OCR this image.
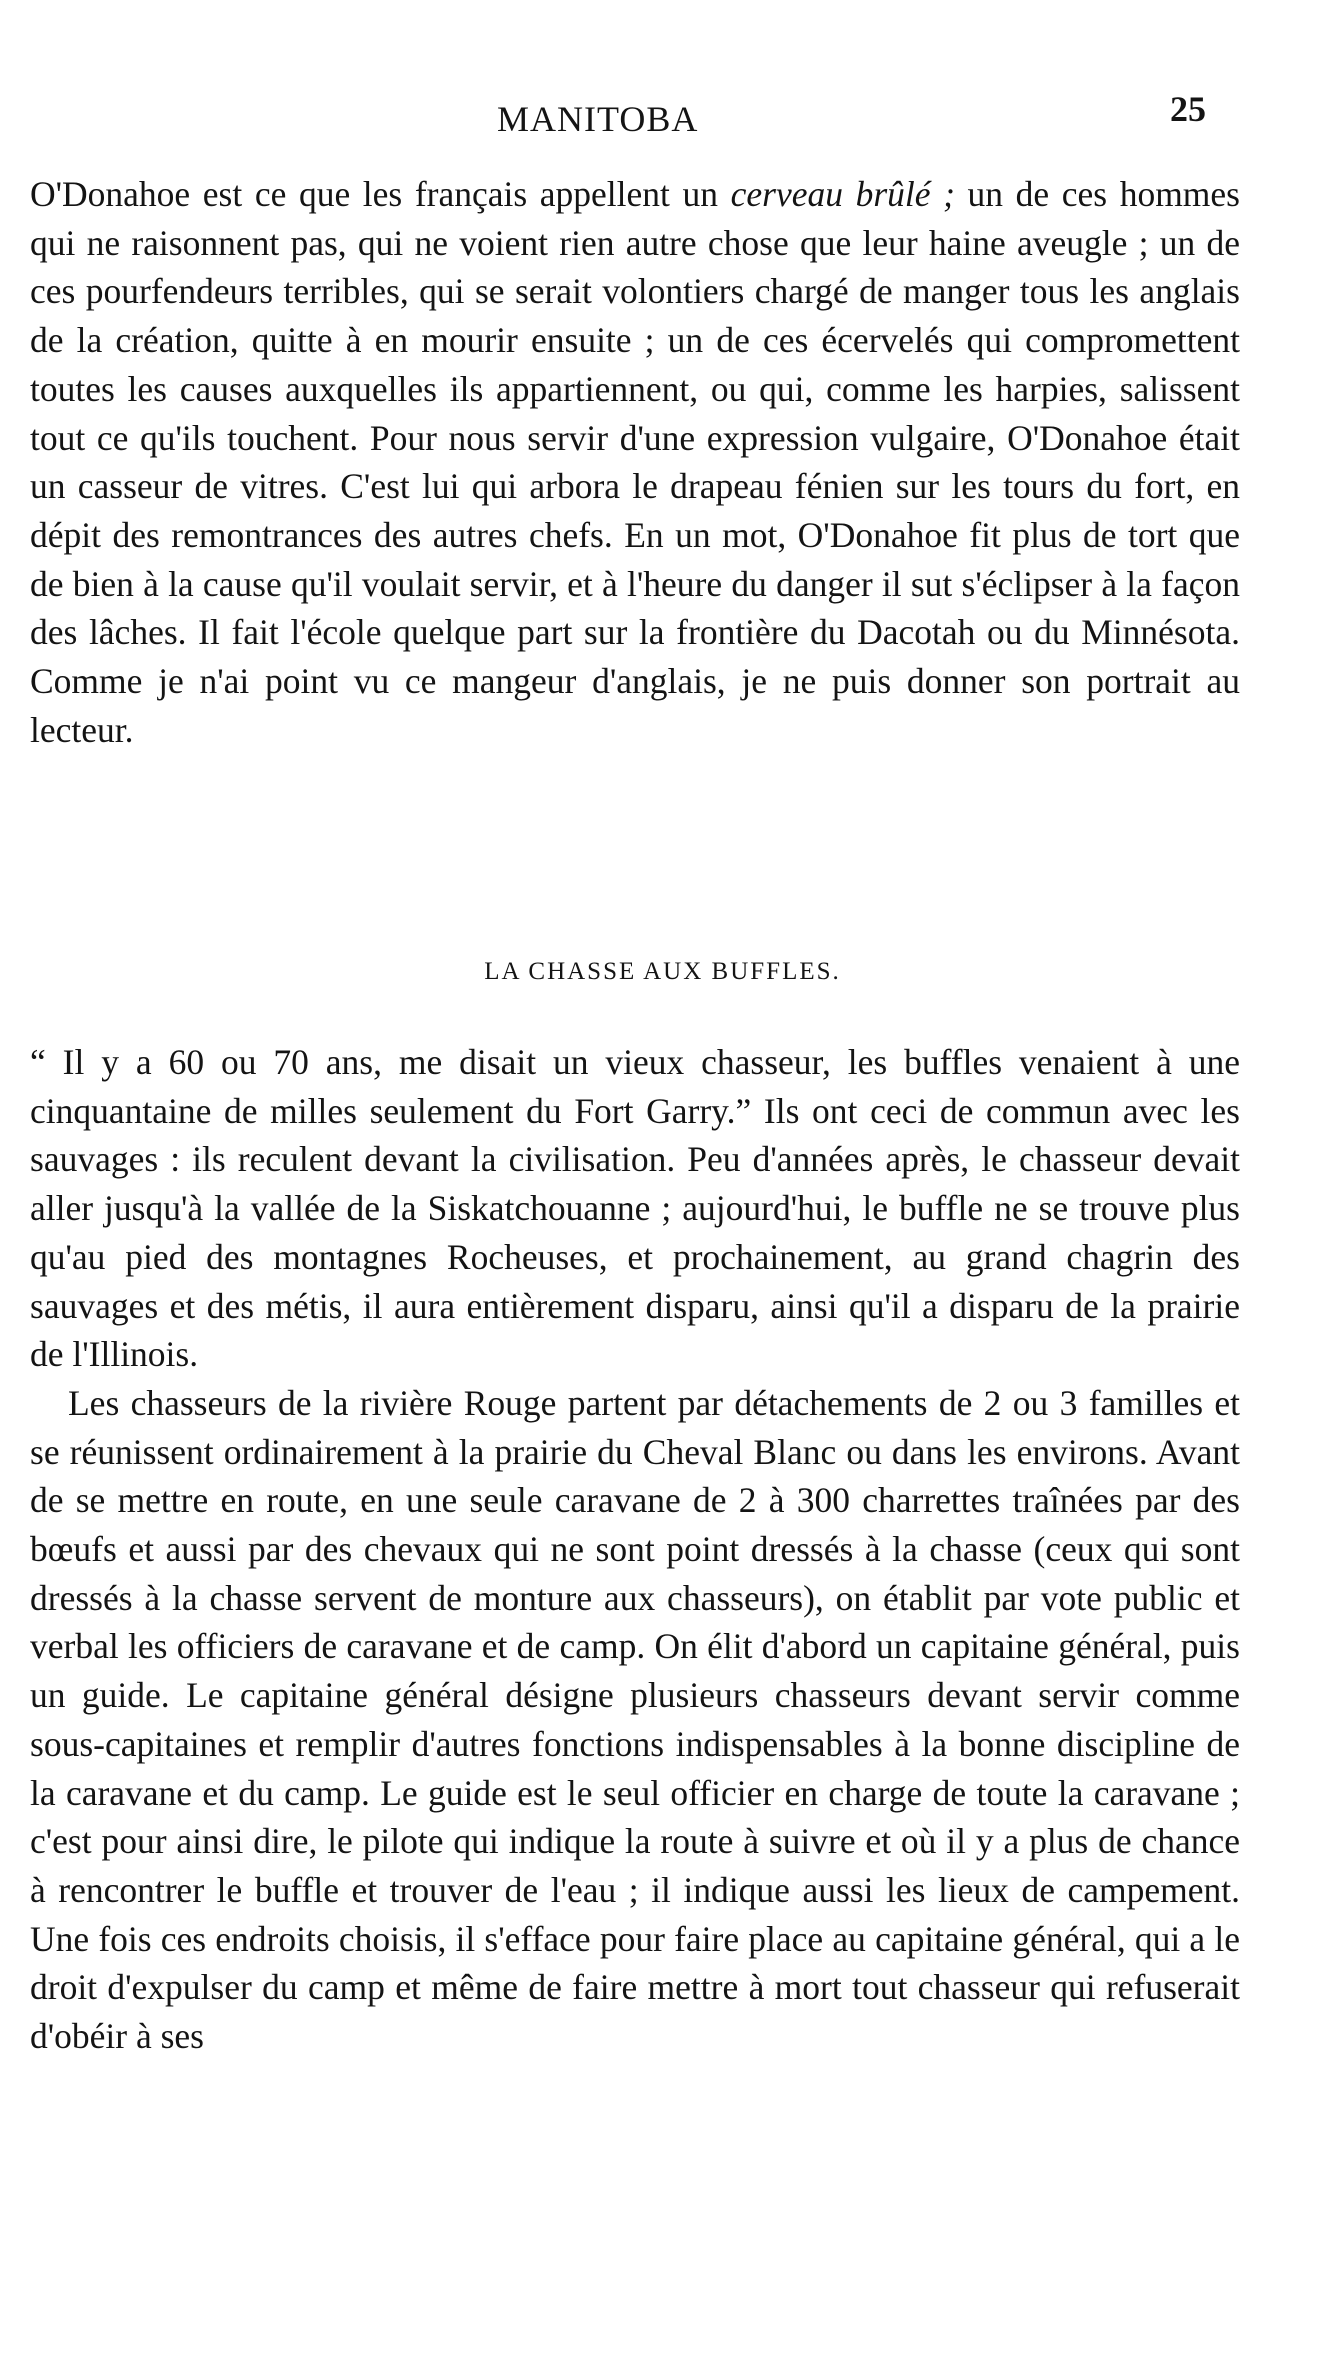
MANITOBA	25

O'Donahoe est ce que les français appellent un cerveau brûlé ; un de ces hommes qui ne raisonnent pas, qui ne voient rien autre chose que leur haine aveugle ; un de ces pourfendeurs terribles, qui se serait volontiers chargé de manger tous les anglais de la création, quitte à en mourir ensuite ; un de ces écervelés qui compromettent toutes les causes auxquelles ils appartiennent, ou qui, comme les harpies, salissent tout ce qu'ils touchent. Pour nous servir d'une expression vulgaire, O'Donahoe était un casseur de vitres. C'est lui qui arbora le drapeau fénien sur les tours du fort, en dépit des remontrances des autres chefs. En un mot, O'Donahoe fit plus de tort que de bien à la cause qu'il voulait servir, et à l'heure du danger il sut s'éclipser à la façon des lâches. Il fait l'école quelque part sur la frontière du Dacotah ou du Minnésota. Comme je n'ai point vu ce mangeur d'anglais, je ne puis donner son portrait au lecteur.

LA CHASSE AUX BUFFLES.

“ Il y a 60 ou 70 ans, me disait un vieux chasseur, les buffles venaient à une cinquantaine de milles seulement du Fort Garry.” Ils ont ceci de commun avec les sauvages : ils reculent devant la civilisation. Peu d'années après, le chasseur devait aller jusqu'à la vallée de la Siskatchouanne ; aujourd'hui, le buffle ne se trouve plus qu'au pied des montagnes Rocheuses, et prochainement, au grand chagrin des sauvages et des métis, il aura entièrement disparu, ainsi qu'il a disparu de la prairie de l'Illinois.

Les chasseurs de la rivière Rouge partent par détachements de 2 ou 3 familles et se réunissent ordinairement à la prairie du Cheval Blanc ou dans les environs. Avant de se mettre en route, en une seule caravane de 2 à 300 charrettes traînées par des bœufs et aussi par des chevaux qui ne sont point dressés à la chasse (ceux qui sont dressés à la chasse servent de monture aux chasseurs), on établit par vote public et verbal les officiers de caravane et de camp. On élit d'abord un capitaine général, puis un guide. Le capitaine général désigne plusieurs chasseurs devant servir comme sous-capitaines et remplir d'autres fonctions indispensables à la bonne discipline de la caravane et du camp. Le guide est le seul officier en charge de toute la caravane ; c'est pour ainsi dire, le pilote qui indique la route à suivre et où il y a plus de chance à rencontrer le buffle et trouver de l'eau ; il indique aussi les lieux de campement. Une fois ces endroits choisis, il s'efface pour faire place au capitaine général, qui a le droit d'expulser du camp et même de faire mettre à mort tout chasseur qui refuserait d'obéir à ses
